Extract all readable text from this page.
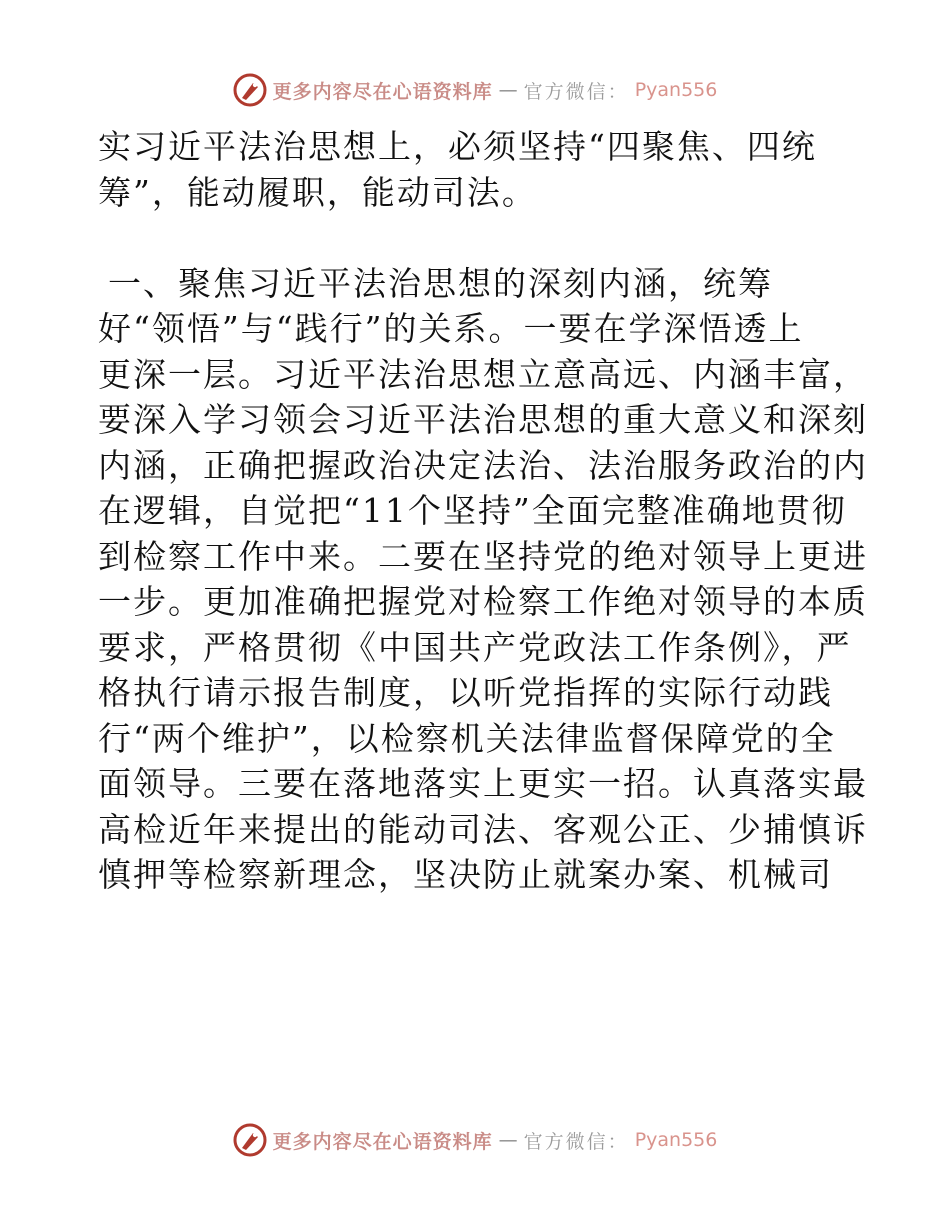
更多内容尽在心语资料库 — 官方微信： Pyan556
实习近平法治思想上，必须坚持“四聚焦、四统
筹”，能动履职，能动司法。
一、聚焦习近平法治思想的深刻内涵，统筹
好“领悟”与“践行”的关系。一要在学深悟透上
更深一层。习近平法治思想立意高远、内涵丰富，
要深入学习领会习近平法治思想的重大意义和深刻
内涵，正确把握政治决定法治、法治服务政治的内
在逻辑，自觉把“11个坚持”全面完整准确地贯彻
到检察工作中来。二要在坚持党的绝对领导上更进
一步。更加准确把握党对检察工作绝对领导的本质
要求，严格贯彻《中国共产党政法工作条例》，严
格执行请示报告制度，以听党指挥的实际行动践
行“两个维护”，以检察机关法律监督保障党的全
面领导。三要在落地落实上更实一招。认真落实最
高检近年来提出的能动司法、客观公正、少捕慎诉
慎押等检察新理念，坚决防止就案办案、机械司
更多内容尽在心语资料库 — 官方微信： Pyan556
